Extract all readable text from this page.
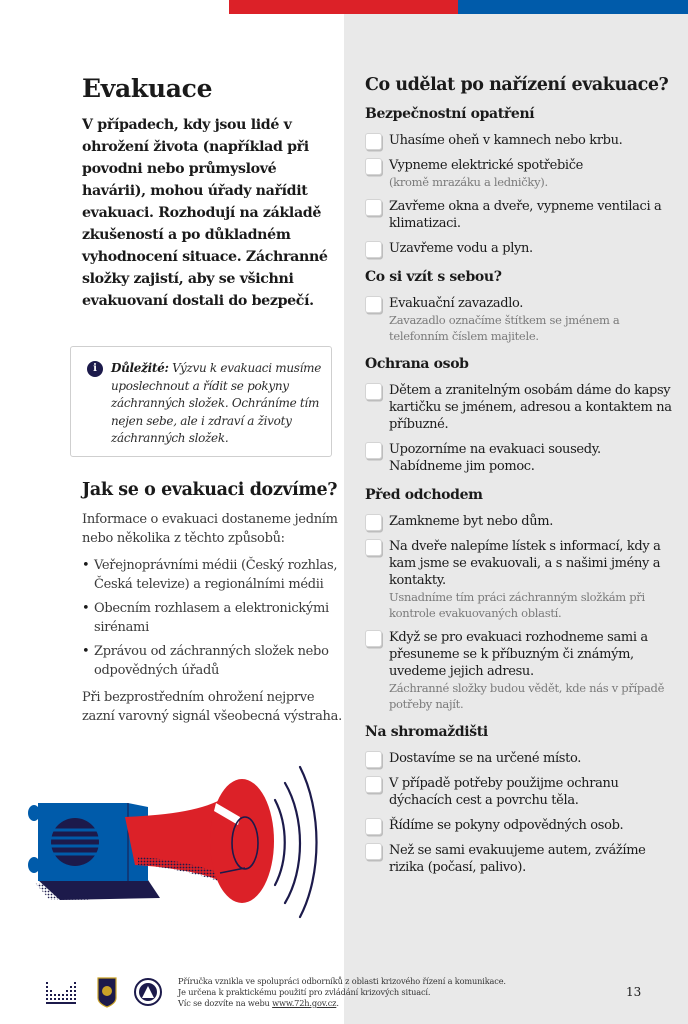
Evakuace

V případech, kdy jsou lidé v ohrožení života (například při povodni nebo průmyslové havárii), mohou úřady nařídit evakuaci. Rozhodují na základě zkušeností a po důkladném vyhodnocení situace. Záchranné složky zajistí, aby se všichni evakuovaní dostali do bezpečí.

i	Důležité: Výzvu k evakuaci musíme uposlechnout a řídit se pokyny záchranných složek. Ochráníme tím nejen sebe, ale i zdraví a životy záchranných složek.

Jak se o evakuaci dozvíme?

Informace o evakuaci dostaneme jedním nebo několika z těchto způsobů:

• Veřejnoprávními médii (Český rozhlas, Česká televize) a regionálními médii
• Obecním rozhlasem a elektronickými sirénami
• Zprávou od záchranných složek nebo odpovědných úřadů

Při bezprostředním ohrožení nejprve zazní varovný signál všeobecná výstraha.

Co udělat po nařízení evakuace?
Bezpečnostní opatření
Uhasíme oheň v kamnech nebo krbu.
Vypneme elektrické spotřebiče
(kromě mrazáku a ledničky).
Zavřeme okna a dveře, vypneme ventilaci a klimatizaci.
Uzavřeme vodu a plyn.
Co si vzít s sebou?
Evakuační zavazadlo.
Zavazadlo označíme štítkem se jménem a telefonním číslem majitele.
Ochrana osob
Dětem a zranitelným osobám dáme do kapsy kartičku se jménem, adresou a kontaktem na příbuzné.
Upozorníme na evakuaci sousedy. Nabídneme jim pomoc.
Před odchodem
Zamkneme byt nebo dům.
Na dveře nalepíme lístek s informací, kdy a kam jsme se evakuovali, a s našimi jmény a kontakty.
Usnadníme tím práci záchranným složkám při kontrole evakuovaných oblastí.
Když se pro evakuaci rozhodneme sami a přesuneme se k příbuzným či známým, uvedeme jejich adresu.
Záchranné složky budou vědět, kde nás v případě potřeby najít.
Na shromaždišti
Dostavíme se na určené místo.
V případě potřeby použijme ochranu dýchacích cest a povrchu těla.
Řídíme se pokyny odpovědných osob.
Než se sami evakuujeme autem, zvážíme rizika (počasí, palivo).
Příručka vznikla ve spolupráci odborníků z oblasti krizového řízení a komunikace.
Je určena k praktickému použití pro zvládání krizových situací.
Víc se dozvíte na webu www.72h.gov.cz.
13
